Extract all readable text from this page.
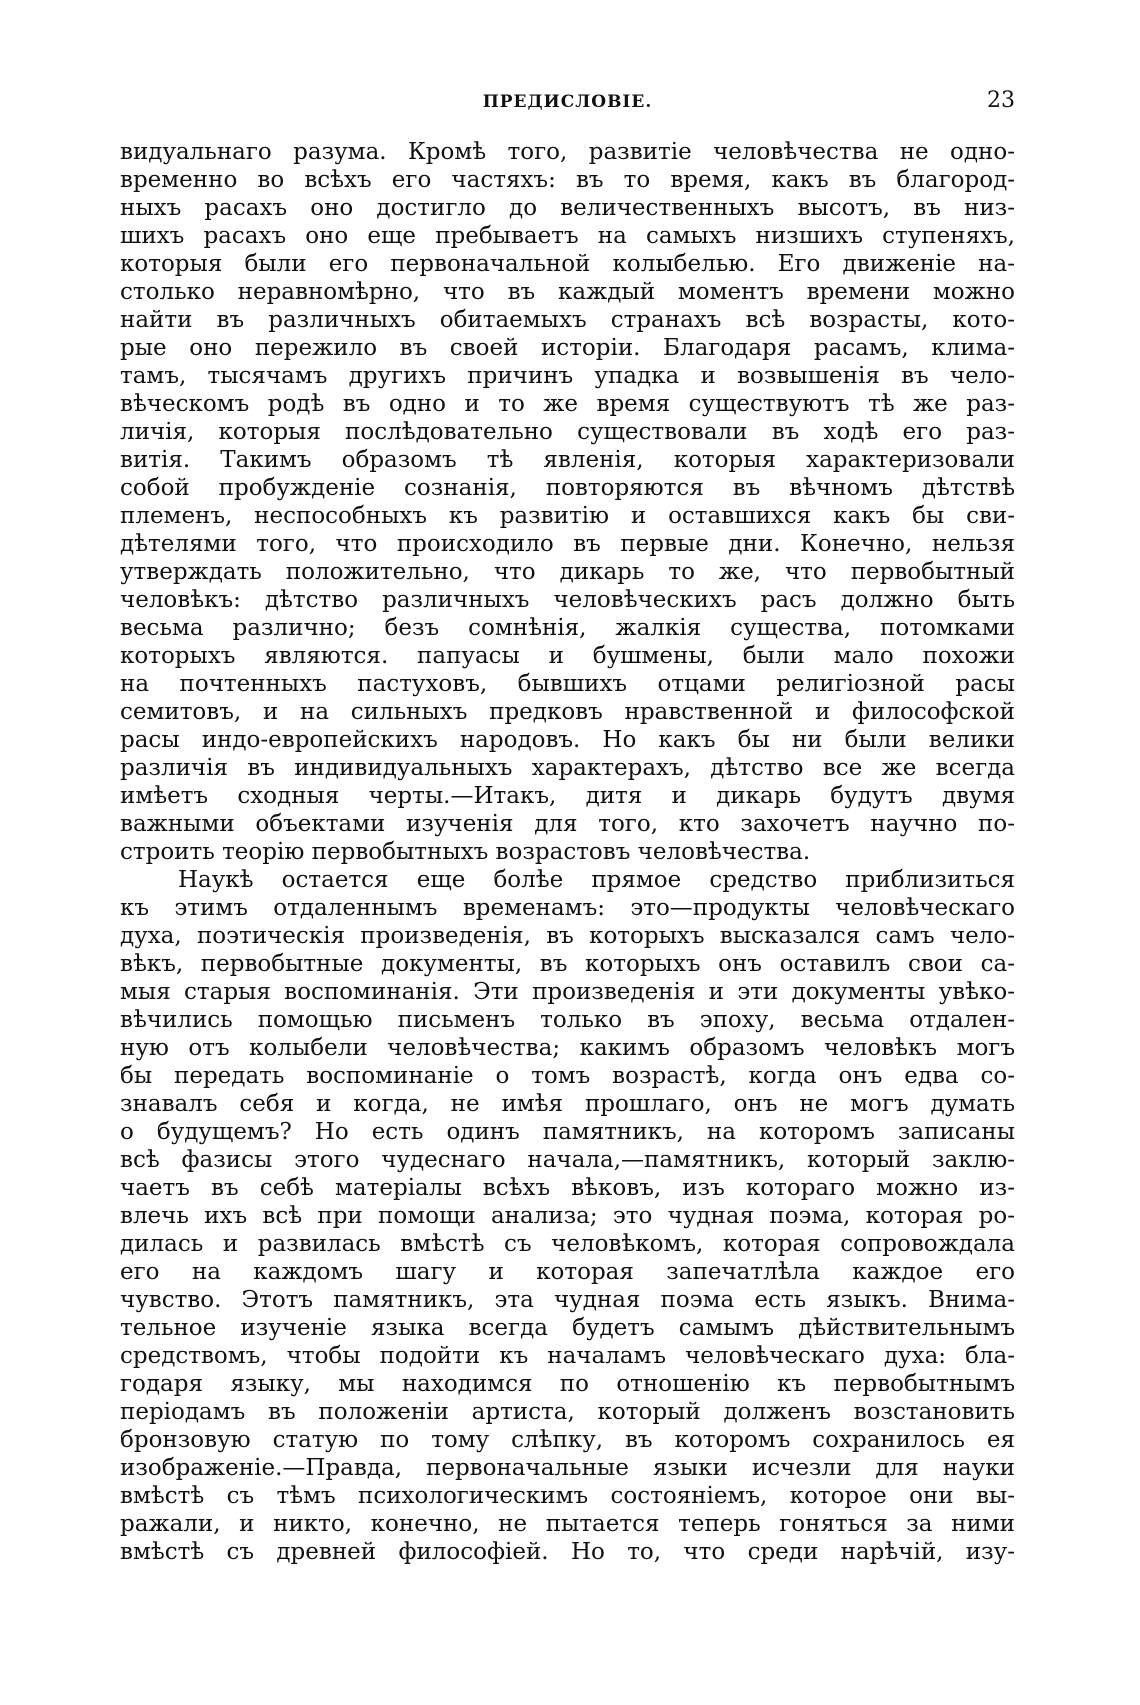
ПРЕДИСЛОВІЕ.	23
видуальнаго разума. Кромѣ того, развитіе человѣчества не одно-
временно во всѣхъ его частяхъ: въ то время, какъ въ благород-
ныхъ расахъ оно достигло до величественныхъ высотъ, въ низ-
шихъ расахъ оно еще пребываетъ на самыхъ низшихъ ступеняхъ,
которыя были его первоначальной колыбелью. Его движеніе на-
столько неравномѣрно, что въ каждый моментъ времени можно
найти въ различныхъ обитаемыхъ странахъ всѣ возрасты, кото-
рые оно пережило въ своей исторіи. Благодаря расамъ, клима-
тамъ, тысячамъ другихъ причинъ упадка и возвышенія въ чело-
вѣческомъ родѣ въ одно и то же время существуютъ тѣ же раз-
личія, которыя послѣдовательно существовали въ ходѣ его раз-
витія. Такимъ образомъ тѣ явленія, которыя характеризовали
собой пробужденіе сознанія, повторяются въ вѣчномъ дѣтствѣ
племенъ, неспособныхъ къ развитію и оставшихся какъ бы сви-
дѣтелями того, что происходило въ первые дни. Конечно, нельзя
утверждать положительно, что дикарь то же, что первобытный
человѣкъ: дѣтство различныхъ человѣческихъ расъ должно быть
весьма различно; безъ сомнѣнія, жалкія существа, потомками
которыхъ являются. папуасы и бушмены, были мало похожи
на почтенныхъ пастуховъ, бывшихъ отцами религіозной расы
семитовъ, и на сильныхъ предковъ нравственной и философской
расы индо-европейскихъ народовъ. Но какъ бы ни были велики
различія въ индивидуальныхъ характерахъ, дѣтство все же всегда
имѣетъ сходныя черты.—Итакъ, дитя и дикарь будутъ двумя
важными объектами изученія для того, кто захочетъ научно по-
строить теорію первобытныхъ возрастовъ человѣчества.
Наукѣ остается еще болѣе прямое средство приблизиться
къ этимъ отдаленнымъ временамъ: это—продукты человѣческаго
духа, поэтическія произведенія, въ которыхъ высказался самъ чело-
вѣкъ, первобытные документы, въ которыхъ онъ оставилъ свои са-
мыя старыя воспоминанія. Эти произведенія и эти документы увѣко-
вѣчились помощью письменъ только въ эпоху, весьма отдален-
ную отъ колыбели человѣчества; какимъ образомъ человѣкъ могъ
бы передать воспоминаніе о томъ возрастѣ, когда онъ едва со-
знавалъ себя и когда, не имѣя прошлаго, онъ не могъ думать
о будущемъ? Но есть одинъ памятникъ, на которомъ записаны
всѣ фазисы этого чудеснаго начала,—памятникъ, который заклю-
чаетъ въ себѣ матеріалы всѣхъ вѣковъ, изъ котораго можно из-
влечь ихъ всѣ при помощи анализа; это чудная поэма, которая ро-
дилась и развилась вмѣстѣ съ человѣкомъ, которая сопровождала
его на каждомъ шагу и которая запечатлѣла каждое его
чувство. Этотъ памятникъ, эта чудная поэма есть языкъ. Внима-
тельное изученіе языка всегда будетъ самымъ дѣйствительнымъ
средствомъ, чтобы подойти къ началамъ человѣческаго духа: бла-
годаря языку, мы находимся по отношенію къ первобытнымъ
періодамъ въ положеніи артиста, который долженъ возстановить
бронзовую статую по тому слѣпку, въ которомъ сохранилось ея
изображеніе.—Правда, первоначальные языки исчезли для науки
вмѣстѣ съ тѣмъ психологическимъ состояніемъ, которое они вы-
ражали, и никто, конечно, не пытается теперь гоняться за ними
вмѣстѣ съ древней философіей. Но то, что среди нарѣчій, изу-
